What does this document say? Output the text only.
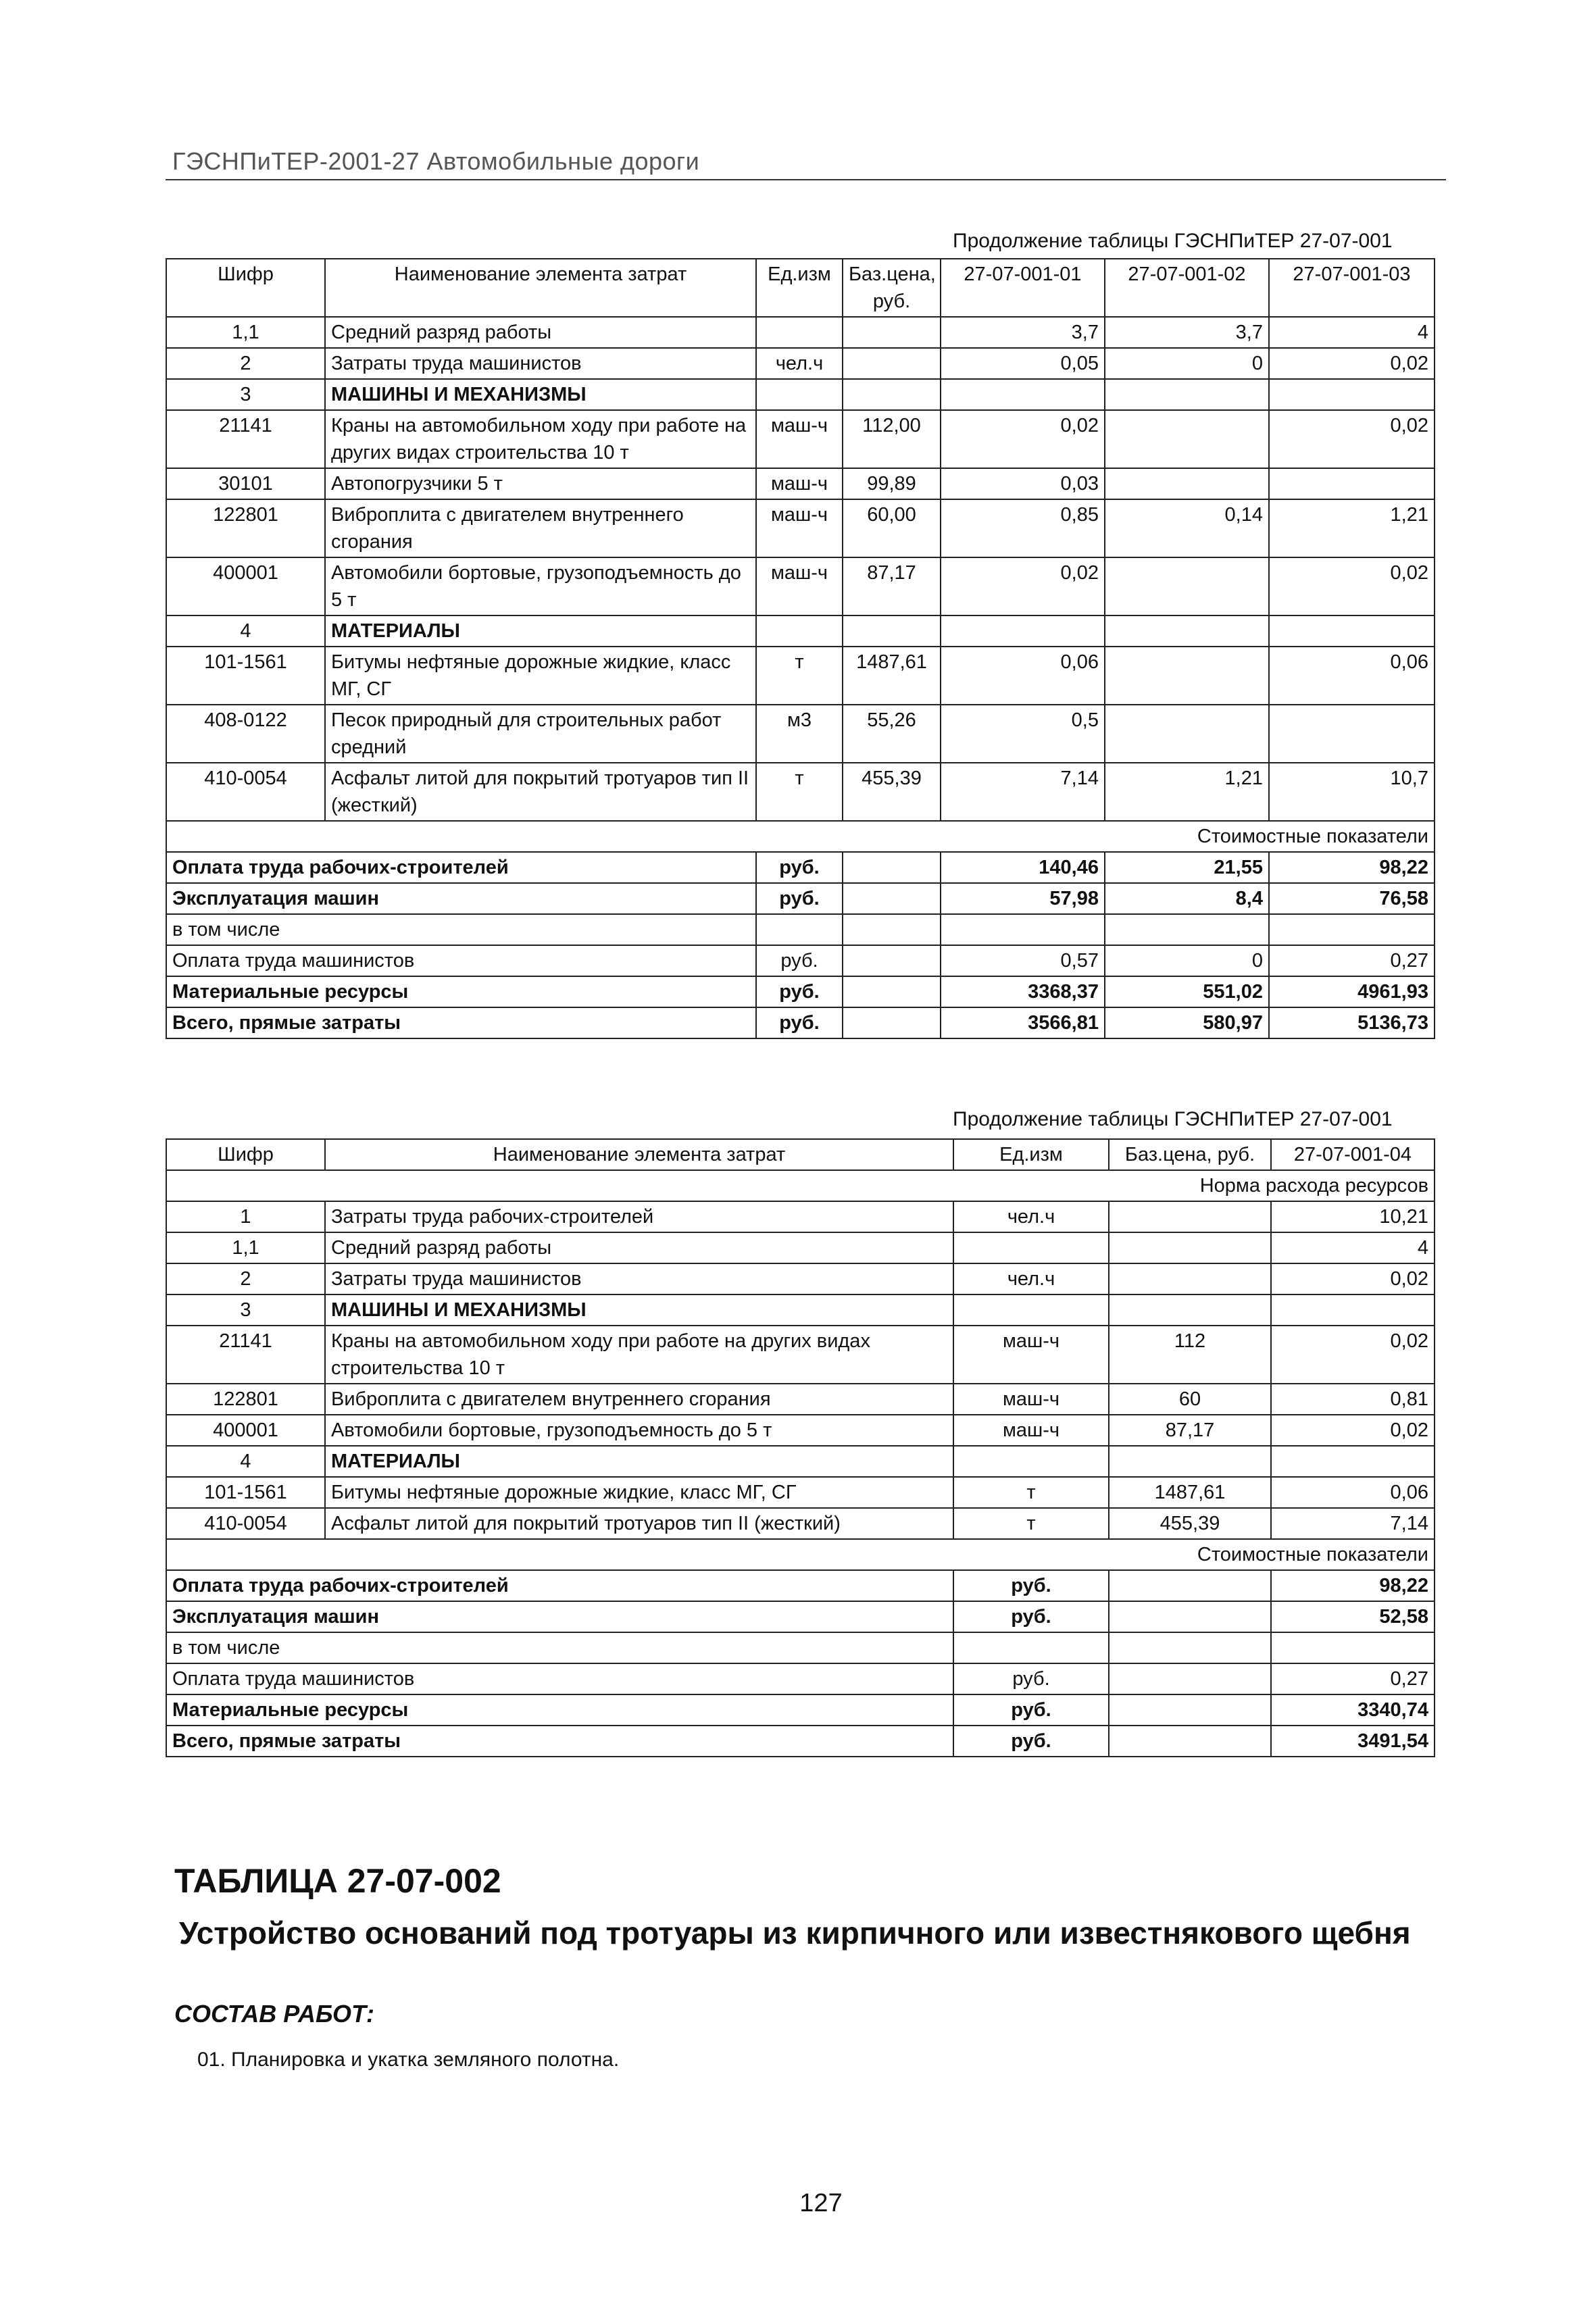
ГЭСНПиТЕР-2001-27 Автомобильные дороги
Продолжение таблицы ГЭСНПиТЕР 27-07-001
Шифр	Наименование элемента затрат	Ед.изм	Баз.цена, руб.	27-07-001-01	27-07-001-02	27-07-001-03
1,1	Средний разряд работы			3,7	3,7	4
2	Затраты труда машинистов	чел.ч		0,05	0	0,02
3	МАШИНЫ И МЕХАНИЗМЫ					
21141	Краны на автомобильном ходу при работе на других видах строительства 10 т	маш-ч	112,00	0,02		0,02
30101	Автопогрузчики 5 т	маш-ч	99,89	0,03		
122801	Виброплита с двигателем внутреннего сгорания	маш-ч	60,00	0,85	0,14	1,21
400001	Автомобили бортовые, грузоподъемность до 5 т	маш-ч	87,17	0,02		0,02
4	МАТЕРИАЛЫ					
101-1561	Битумы нефтяные дорожные жидкие, класс МГ, СГ	т	1487,61	0,06		0,06
408-0122	Песок природный для строительных работ средний	м3	55,26	0,5		
410-0054	Асфальт литой для покрытий тротуаров тип II (жесткий)	т	455,39	7,14	1,21	10,7
Стоимостные показатели						
Оплата труда рабочих-строителей		руб.		140,46	21,55	98,22
Эксплуатация машин		руб.		57,98	8,4	76,58
в том числе						
Оплата труда машинистов		руб.		0,57	0	0,27
Материальные ресурсы		руб.		3368,37	551,02	4961,93
Всего, прямые затраты		руб.		3566,81	580,97	5136,73
Продолжение таблицы ГЭСНПиТЕР 27-07-001
Шифр	Наименование элемента затрат	Ед.изм	Баз.цена, руб.	27-07-001-04
Норма расхода ресурсов				
1	Затраты труда рабочих-строителей	чел.ч		10,21
1,1	Средний разряд работы			4
2	Затраты труда машинистов	чел.ч		0,02
3	МАШИНЫ И МЕХАНИЗМЫ			
21141	Краны на автомобильном ходу при работе на других видах строительства 10 т	маш-ч	112	0,02
122801	Виброплита с двигателем внутреннего сгорания	маш-ч	60	0,81
400001	Автомобили бортовые, грузоподъемность до 5 т	маш-ч	87,17	0,02
4	МАТЕРИАЛЫ			
101-1561	Битумы нефтяные дорожные жидкие, класс МГ, СГ	т	1487,61	0,06
410-0054	Асфальт литой для покрытий тротуаров тип II (жесткий)	т	455,39	7,14
Стоимостные показатели				
Оплата труда рабочих-строителей		руб.		98,22
Эксплуатация машин		руб.		52,58
в том числе				
Оплата труда машинистов		руб.		0,27
Материальные ресурсы		руб.		3340,74
Всего, прямые затраты		руб.		3491,54
ТАБЛИЦА 27-07-002
Устройство оснований под тротуары из кирпичного или известнякового щебня
СОСТАВ РАБОТ:
01. Планировка и укатка земляного полотна.
127
